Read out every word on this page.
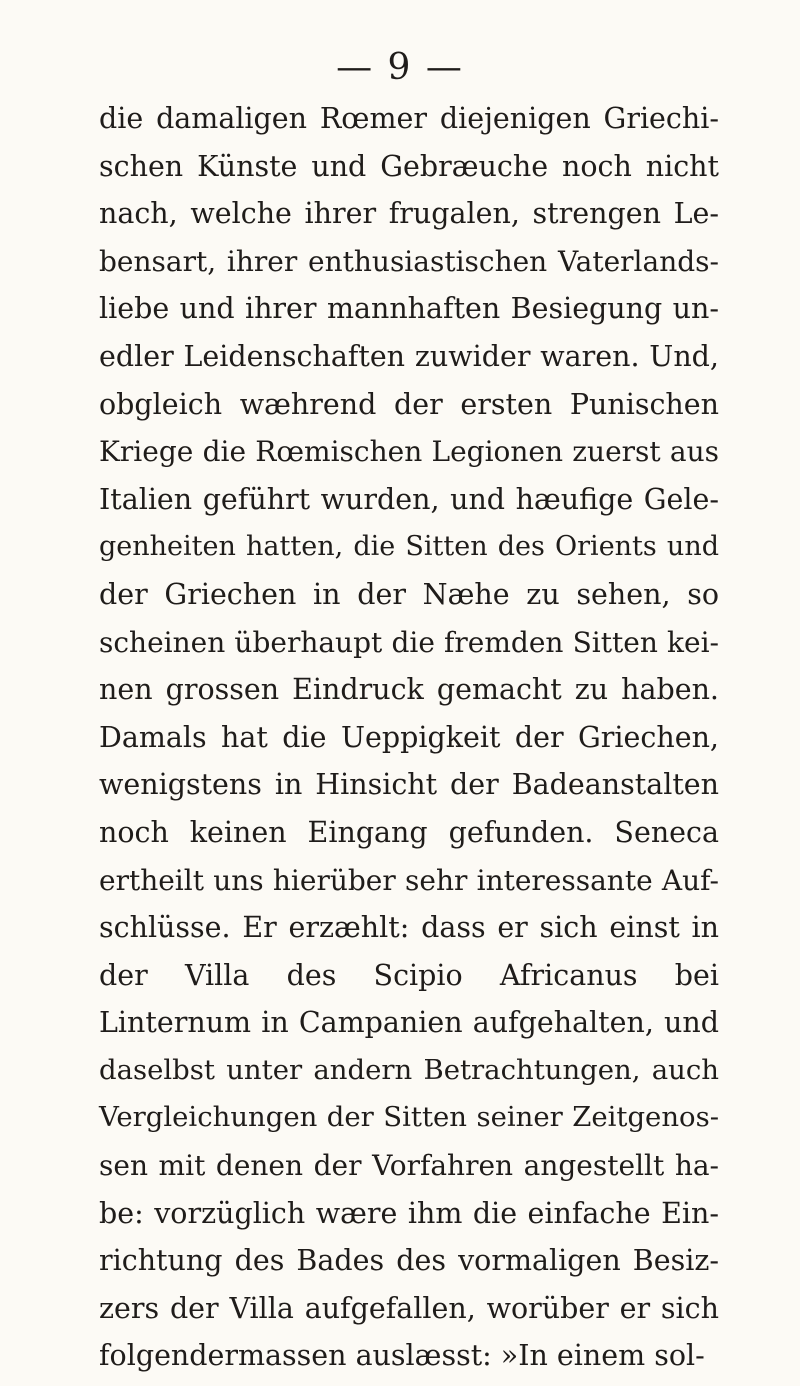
— 9 —
die damaligen Rœmer diejenigen Griechi-
schen Künste und Gebræuche noch nicht
nach, welche ihrer frugalen, strengen Le-
bensart, ihrer enthusiastischen Vaterlands-
liebe und ihrer mannhaften Besiegung un-
edler Leidenschaften zuwider waren. Und,
obgleich wæhrend der ersten Punischen
Kriege die Rœmischen Legionen zuerst aus
Italien geführt wurden, und hæufige Gele-
genheiten hatten, die Sitten des Orients und
der Griechen in der Næhe zu sehen, so
scheinen überhaupt die fremden Sitten kei-
nen grossen Eindruck gemacht zu haben.
Damals hat die Ueppigkeit der Griechen,
wenigstens in Hinsicht der Badeanstalten
noch keinen Eingang gefunden. Seneca
ertheilt uns hierüber sehr interessante Auf-
schlüsse. Er erzæhlt: dass er sich einst in
der Villa des Scipio Africanus bei
Linternum in Campanien aufgehalten, und
daselbst unter andern Betrachtungen, auch
Vergleichungen der Sitten seiner Zeitgenos-
sen mit denen der Vorfahren angestellt ha-
be: vorzüglich wære ihm die einfache Ein-
richtung des Bades des vormaligen Besiz-
zers der Villa aufgefallen, worüber er sich
folgendermassen auslæsst: »In einem sol-
